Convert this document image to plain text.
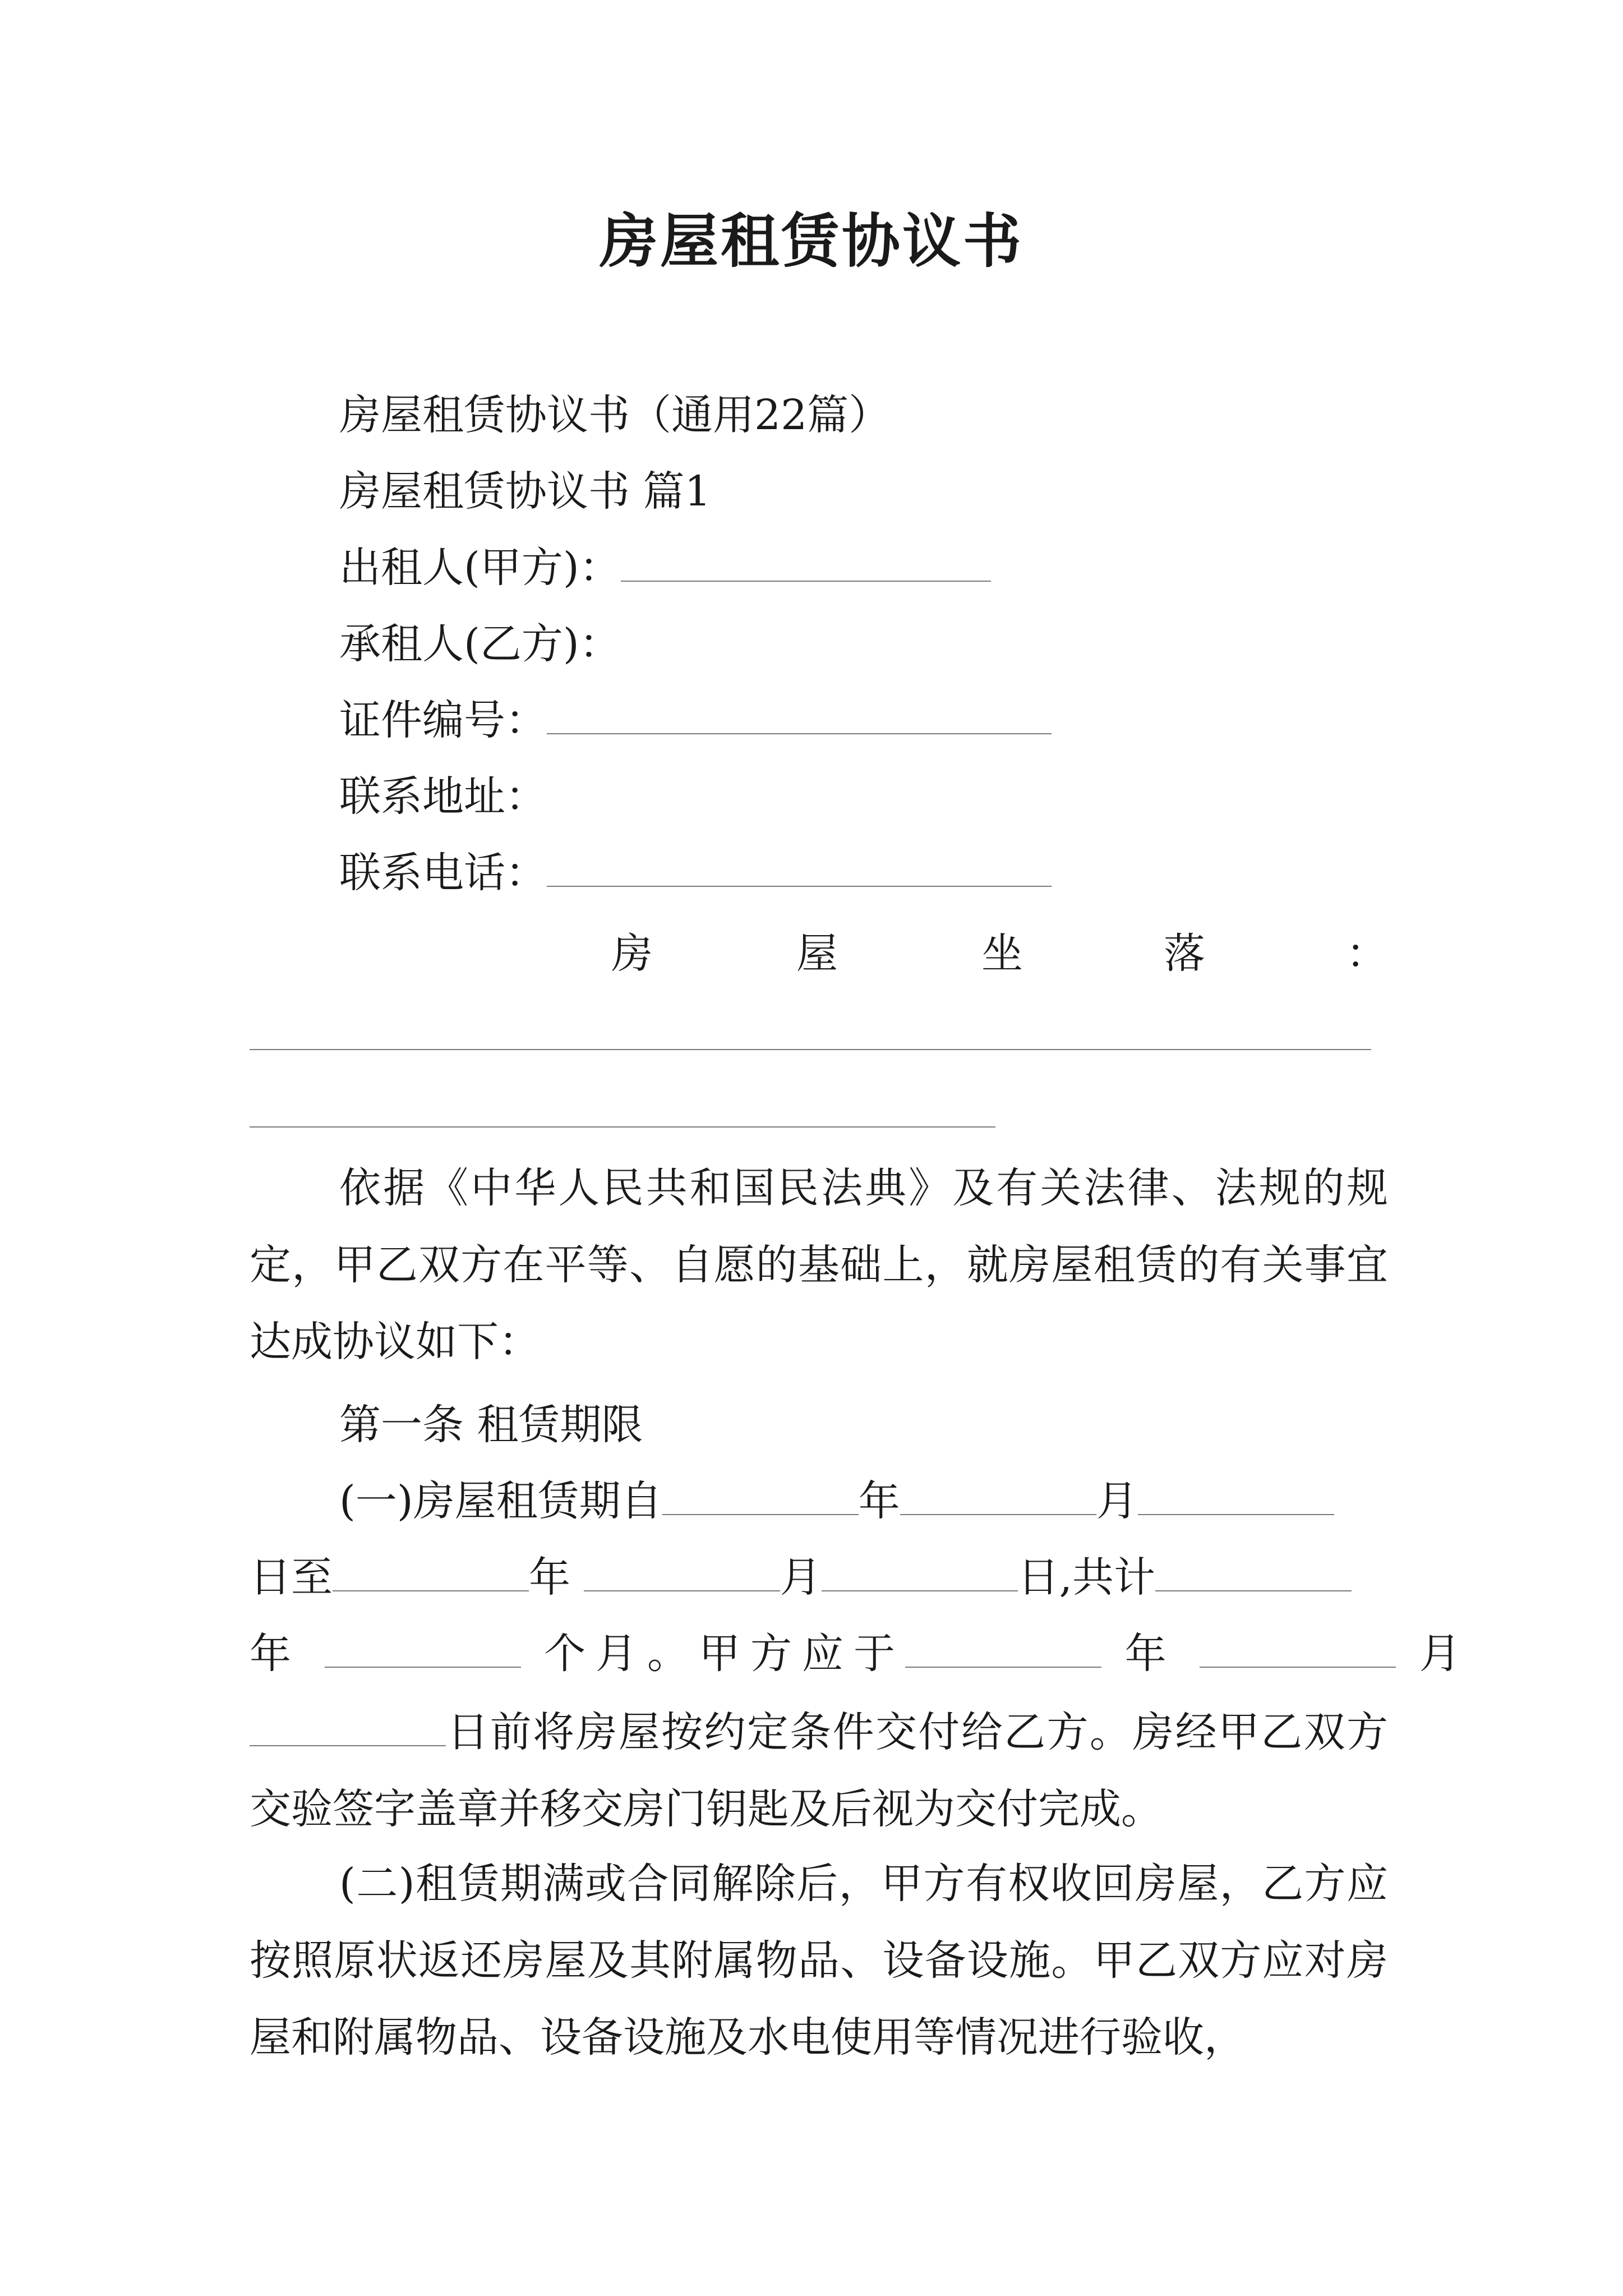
房屋租赁协议书
房屋租赁协议书（通用22篇）
房屋租赁协议书 篇1
出租人(甲方)：
承租人(乙方)：
证件编号：
联系地址：
联系电话：
房	屋	坐	落	：
依据《中华人民共和国民法典》及有关法律、法规的规定，甲乙双方在平等、自愿的基础上，就房屋租赁的有关事宜达成协议如下：
第一条 租赁期限
(一)房屋租赁期自	年	月
日至	年	月	日,共计
年	个月。甲方应于	年	月
日前将房屋按约定条件交付给乙方。房经甲乙双方交验签字盖章并移交房门钥匙及后视为交付完成。
(二)租赁期满或合同解除后，甲方有权收回房屋，乙方应按照原状返还房屋及其附属物品、设备设施。甲乙双方应对房屋和附属物品、设备设施及水电使用等情况进行验收，
